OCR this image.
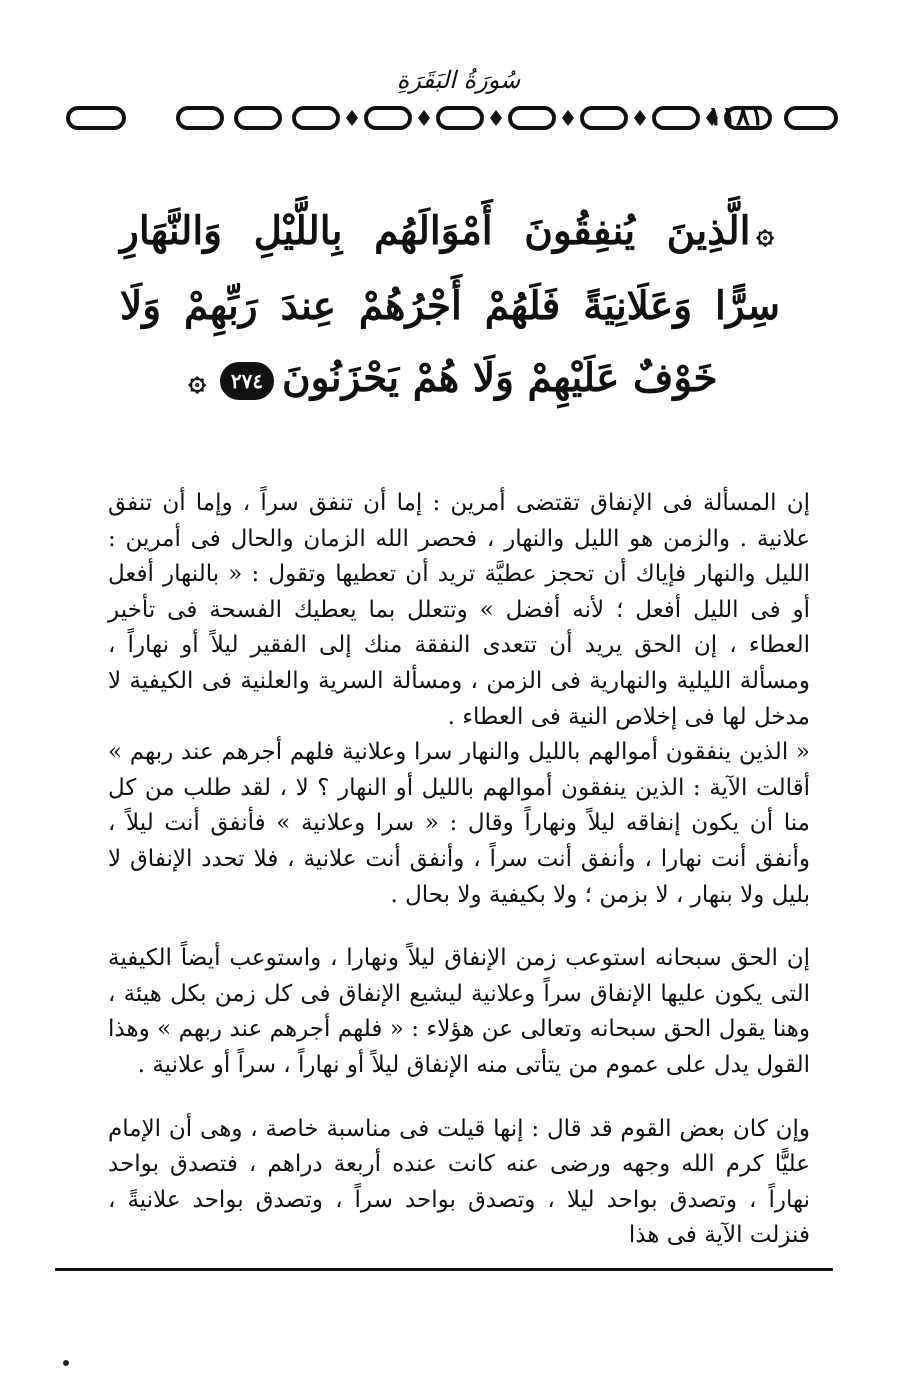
سُورَةُ البَقَرَةِ
١١٨١
۞الَّذِينَ يُنفِقُونَ أَمْوَالَهُم بِاللَّيْلِ وَالنَّهَارِ سِرًّا وَعَلَانِيَةً فَلَهُمْ أَجْرُهُمْ عِندَ رَبِّهِمْ وَلَا خَوْفٌ عَلَيْهِمْ وَلَا هُمْ يَحْزَنُونَ٢٧٤۞

إن المسألة فى الإنفاق تقتضى أمرين : إما أن تنفق سراً ، وإما أن تنفق علانية . والزمن هو الليل والنهار ، فحصر الله الزمان والحال فى أمرين : الليل والنهار فإياك أن تحجز عطيَّة تريد أن تعطيها وتقول : « بالنهار أفعل أو فى الليل أفعل ؛ لأنه أفضل » وتتعلل بما يعطيك الفسحة فى تأخير العطاء ، إن الحق يريد أن تتعدى النفقة منك إلى الفقير ليلاً أو نهاراً ، ومسألة الليلية والنهارية فى الزمن ، ومسألة السرية والعلنية فى الكيفية لا مدخل لها فى إخلاص النية فى العطاء .

« الذين ينفقون أموالهم بالليل والنهار سرا وعلانية فلهم أجرهم عند ربهم » أقالت الآية : الذين ينفقون أموالهم بالليل أو النهار ؟ لا ، لقد طلب من كل منا أن يكون إنفاقه ليلاً ونهاراً وقال : « سرا وعلانية » فأنفق أنت ليلاً ، وأنفق أنت نهارا ، وأنفق أنت سراً ، وأنفق أنت علانية ، فلا تحدد الإنفاق لا بليل ولا بنهار ، لا بزمن ؛ ولا بكيفية ولا بحال .

إن الحق سبحانه استوعب زمن الإنفاق ليلاً ونهارا ، واستوعب أيضاً الكيفية التى يكون عليها الإنفاق سراً وعلانية ليشيع الإنفاق فى كل زمن بكل هيئة ، وهنا يقول الحق سبحانه وتعالى عن هؤلاء : « فلهم أجرهم عند ربهم » وهذا القول يدل على عموم من يتأتى منه الإنفاق ليلاً أو نهاراً ، سراً أو علانية .

وإن كان بعض القوم قد قال : إنها قيلت فى مناسبة خاصة ، وهى أن الإمام عليًّا كرم الله وجهه ورضى عنه كانت عنده أربعة دراهم ، فتصدق بواحد نهاراً ، وتصدق بواحد ليلا ، وتصدق بواحد سراً ، وتصدق بواحد علانيةً ، فنزلت الآية فى هذا
